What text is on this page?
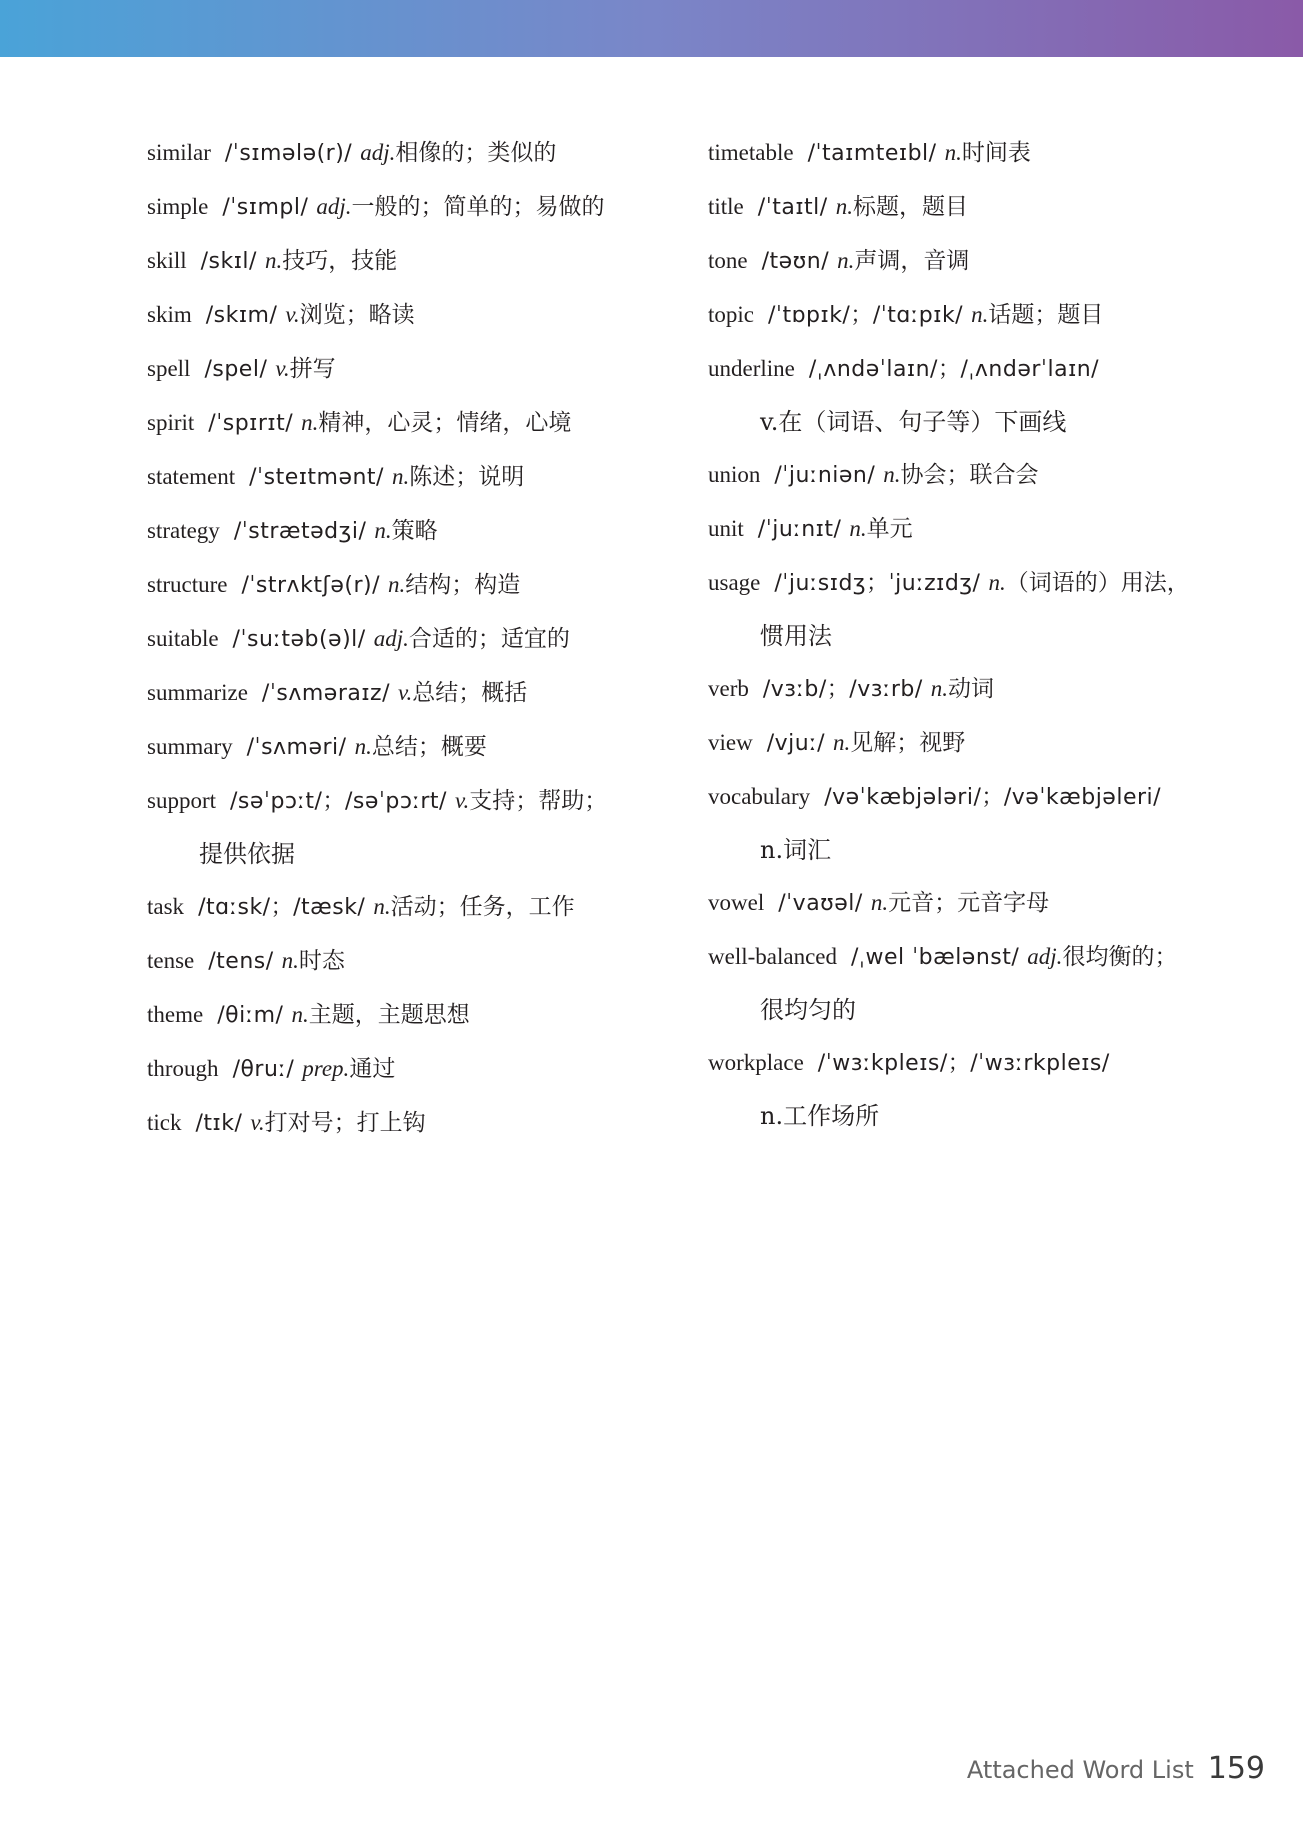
similar /ˈsɪmələ(r)/ adj.相像的；类似的

simple /ˈsɪmpl/ adj.一般的；简单的；易做的

skill /skɪl/ n.技巧，技能

skim /skɪm/ v.浏览；略读

spell /spel/ v.拼写

spirit /ˈspɪrɪt/ n.精神，心灵；情绪，心境

statement /ˈsteɪtmənt/ n.陈述；说明

strategy /ˈstrætədʒi/ n.策略

structure /ˈstrʌktʃə(r)/ n.结构；构造

suitable /ˈsuːtəb(ə)l/ adj.合适的；适宜的

summarize /ˈsʌməraɪz/ v.总结；概括

summary /ˈsʌməri/ n.总结；概要

support /səˈpɔːt/；/səˈpɔːrt/ v.支持；帮助；
提供依据

task /tɑːsk/；/tæsk/ n.活动；任务，工作

tense /tens/ n.时态

theme /θiːm/ n.主题，主题思想

through /θruː/ prep.通过

tick /tɪk/ v.打对号；打上钩

timetable /ˈtaɪmteɪbl/ n.时间表

title /ˈtaɪtl/ n.标题，题目

tone /təʊn/ n.声调，音调

topic /ˈtɒpɪk/；/ˈtɑːpɪk/ n.话题；题目

underline /ˌʌndəˈlaɪn/；/ˌʌndərˈlaɪn/
v.在（词语、句子等）下画线

union /ˈjuːniən/ n.协会；联合会

unit /ˈjuːnɪt/ n.单元

usage /ˈjuːsɪdʒ；ˈjuːzɪdʒ/ n.（词语的）用法，
惯用法

verb /vɜːb/；/vɜːrb/ n.动词

view /vjuː/ n.见解；视野

vocabulary /vəˈkæbjələri/；/vəˈkæbjəleri/
n.词汇

vowel /ˈvaʊəl/ n.元音；元音字母

well-balanced /ˌwel ˈbælənst/ adj.很均衡的；
很均匀的

workplace /ˈwɜːkpleɪs/；/ˈwɜːrkpleɪs/
n.工作场所

Attached Word List 159
